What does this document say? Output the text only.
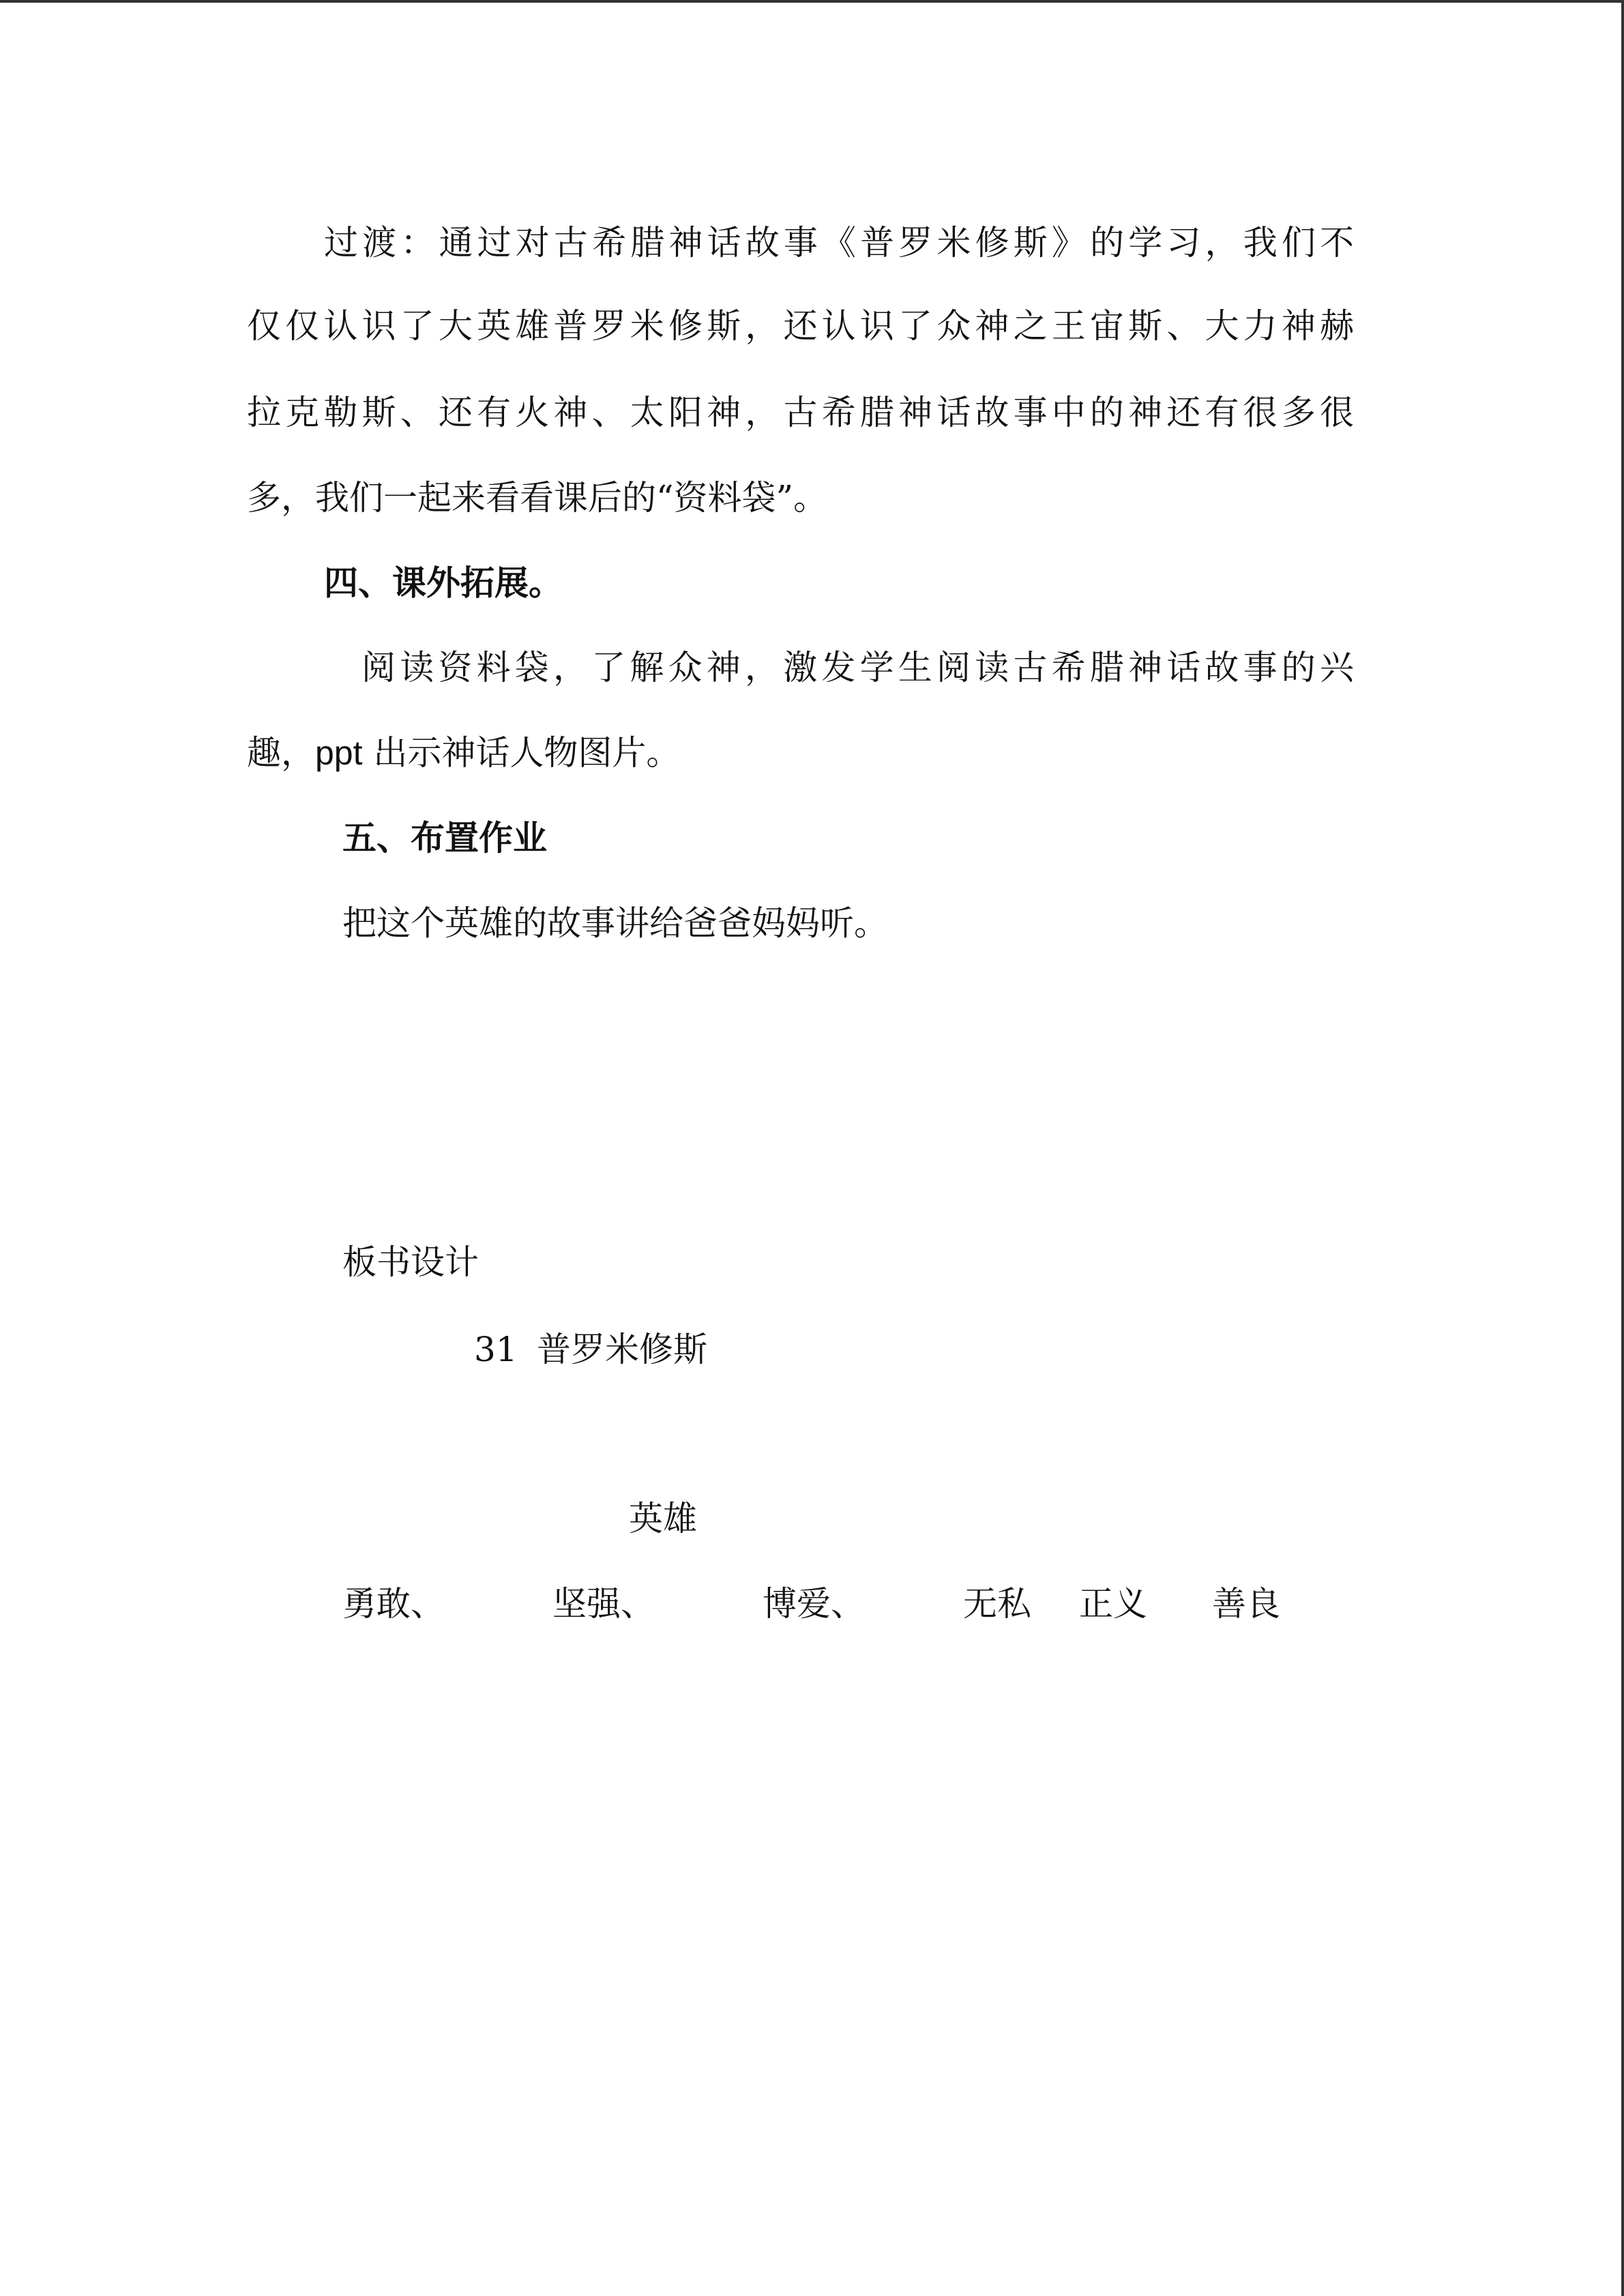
过渡：通过对古希腊神话故事《普罗米修斯》的学习，我们不
仅仅认识了大英雄普罗米修斯，还认识了众神之王宙斯、大力神赫
拉克勒斯、还有火神、太阳神，古希腊神话故事中的神还有很多很
多，我们一起来看看课后的“资料袋”。
四、课外拓展。
阅读资料袋，了解众神，激发学生阅读古希腊神话故事的兴
趣，ppt 出示神话人物图片。
五、布置作业
把这个英雄的故事讲给爸爸妈妈听。
板书设计
31 普罗米修斯
英雄
勇敢、	坚强、	博爱、	无私 正义 善良
